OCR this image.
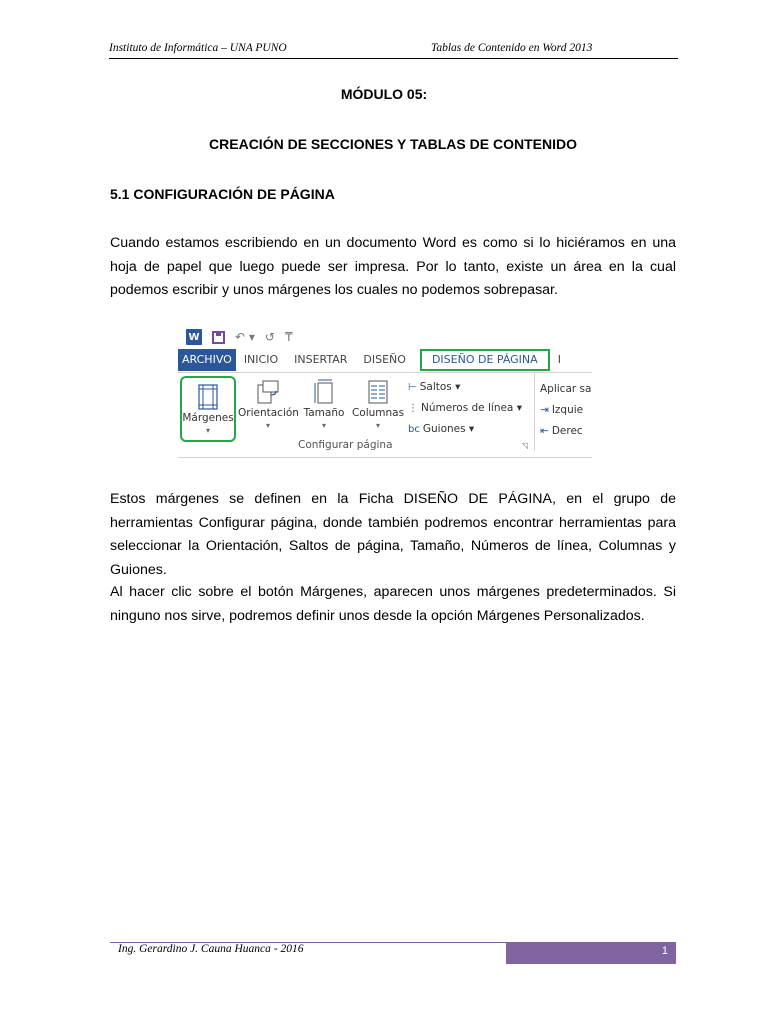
Instituto de Informática – UNA PUNO	Tablas de Contenido en Word 2013
MÓDULO 05:
CREACIÓN DE SECCIONES Y TABLAS DE CONTENIDO
5.1 CONFIGURACIÓN DE PÁGINA

Cuando estamos escribiendo en un documento Word es como si lo hiciéramos en una hoja de papel que luego puede ser impresa. Por lo tanto, existe un área en la cual podemos escribir y unos márgenes los cuales no podemos sobrepasar.

W	↶ ▾ ↺ ₸
ARCHIVO	INICIO	INSERTAR	DISEÑO	DISEÑO DE PÁGINA	I
Márgenes
▾
Orientación
▾
Tamaño
▾
Columnas
▾
⊢ Saltos ▾
⋮ Números de línea ▾
bc Guiones ▾
Configurar página	◹
Aplicar sa
⇥ Izquie
⇤ Derec

Estos márgenes se definen en la Ficha DISEÑO DE PÁGINA, en el grupo de herramientas Configurar página, donde también podremos encontrar herramientas para seleccionar la Orientación, Saltos de página, Tamaño, Números de línea, Columnas y Guiones.

Al hacer clic sobre el botón Márgenes, aparecen unos márgenes predeterminados. Si ninguno nos sirve, podremos definir unos desde la opción Márgenes Personalizados.

Ing. Gerardino J. Cauna Huanca - 2016	1
